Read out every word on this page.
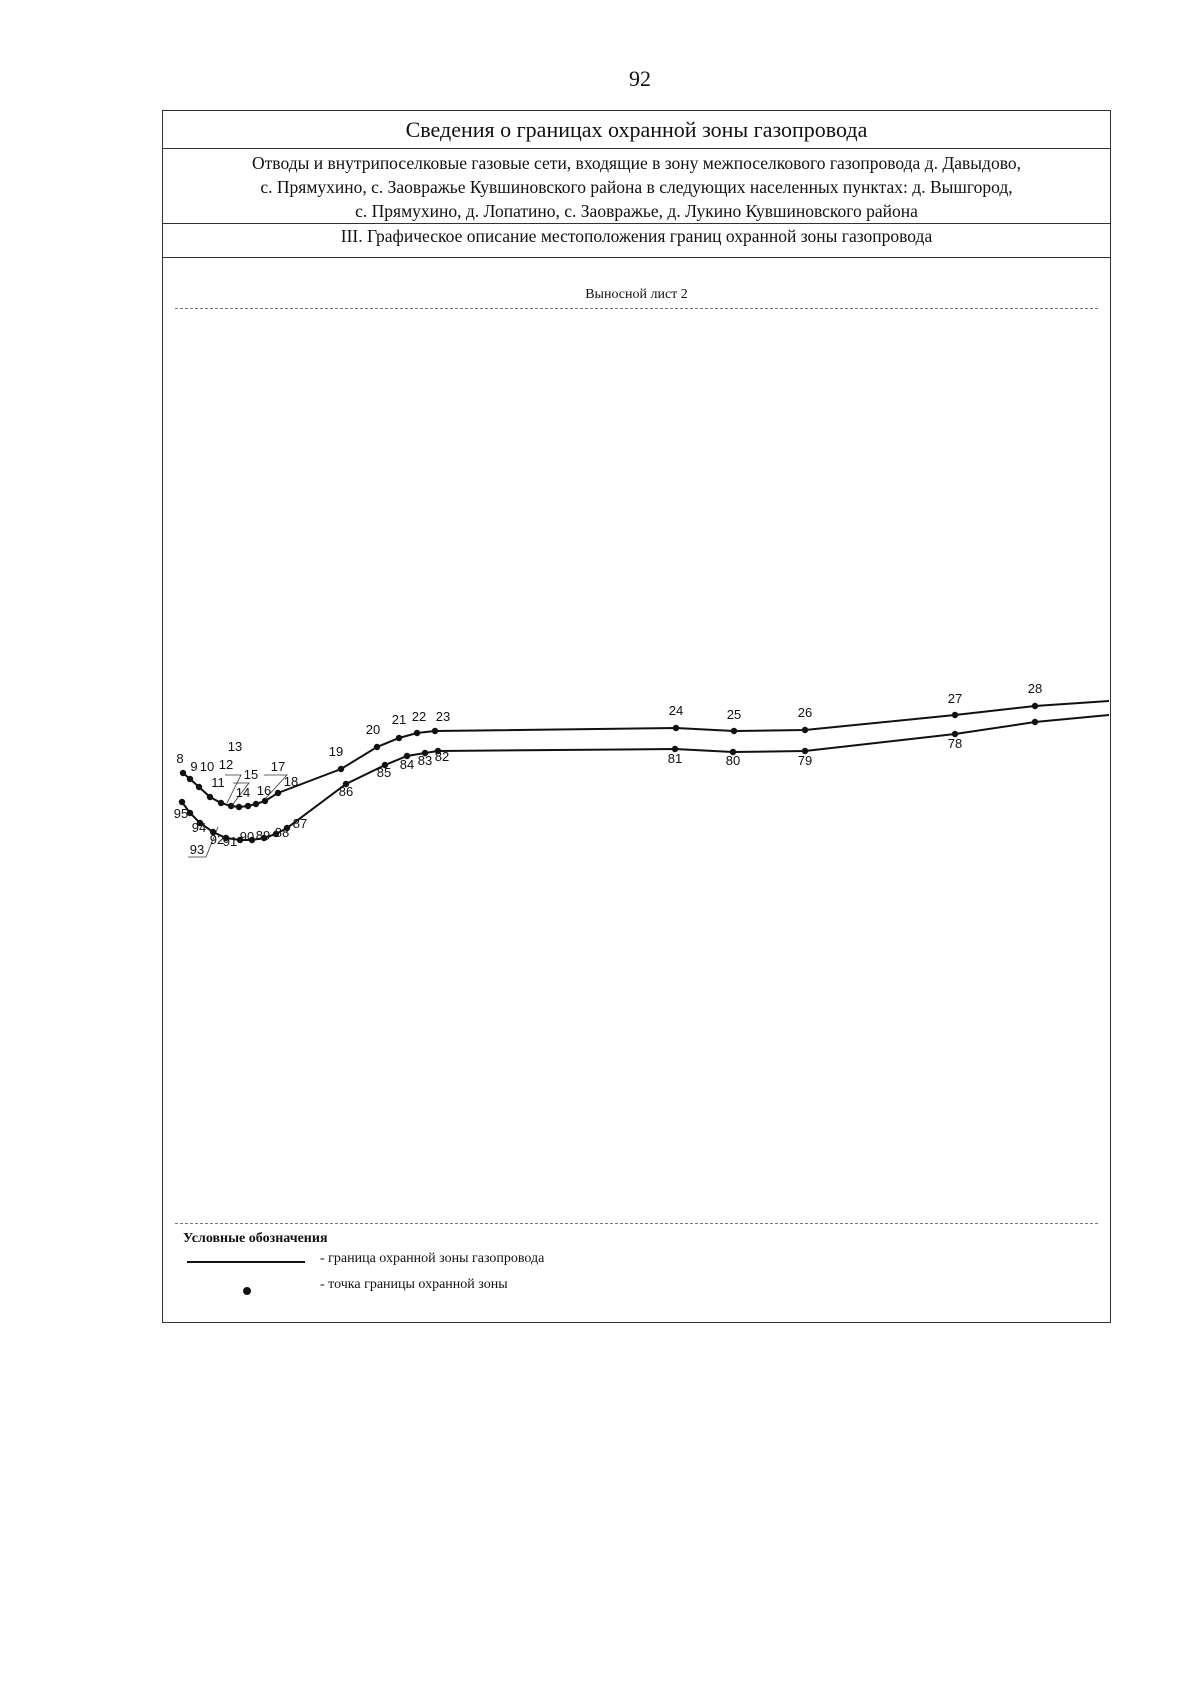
92
Сведения о границах охранной зоны газопровода
Отводы и внутрипоселковые газовые сети, входящие в зону межпоселкового газопровода д. Давыдово,
с. Прямухино, с. Заовражье Кувшиновского района в следующих населенных пунктах: д. Вышгород,
с. Прямухино, д. Лопатино, с. Заовражье, д. Лукино Кувшиновского района
III. Графическое описание местоположения границ охранной зоны газопровода
Выносной лист 2
8
9 10
11
12
13
14
15
16
17
18
19
20
21 22 23	24	25	26
27
28
95
94
93
92
91 90 89 88
87
86
85
84 83 82	81	80	79
78
Условные обозначения
- граница охранной зоны газопровода
- точка границы охранной зоны
